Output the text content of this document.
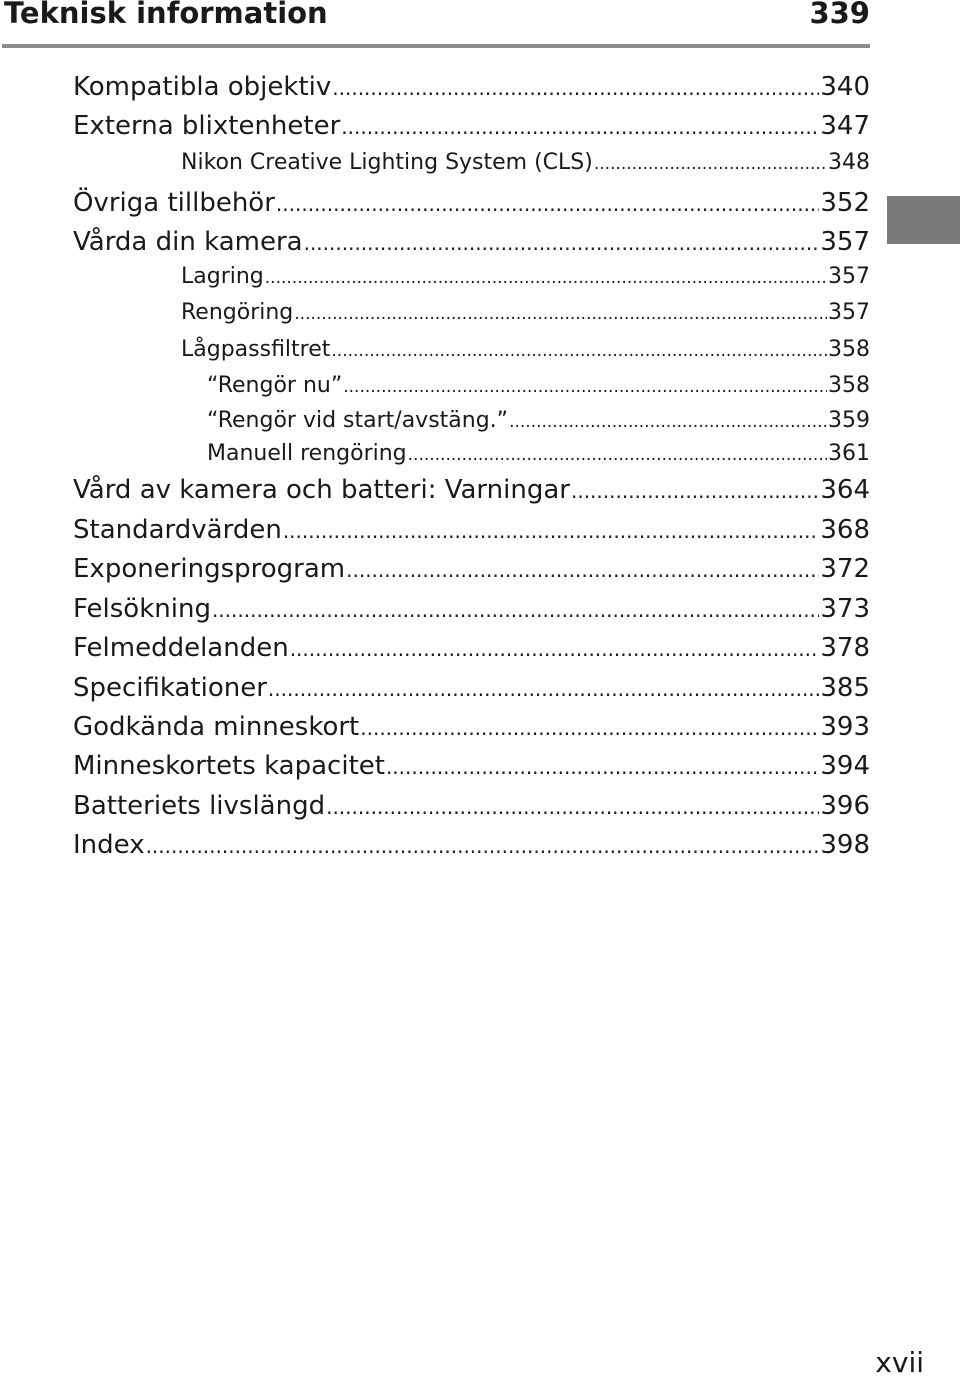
Teknisk information	339
Kompatibla objektiv .....	340
Externa blixtenheter .....	347
Nikon Creative Lighting System (CLS) .....	348
Övriga tillbehör .....	352
Vårda din kamera .....	357
Lagring .....	357
Rengöring .....	357
Lågpassfiltret .....	358
“Rengör nu” .....	358
“Rengör vid start/avstäng.” .....	359
Manuell rengöring .....	361
Vård av kamera och batteri: Varningar .....	364
Standardvärden .....	368
Exponeringsprogram .....	372
Felsökning .....	373
Felmeddelanden .....	378
Specifikationer .....	385
Godkända minneskort .....	393
Minneskortets kapacitet .....	394
Batteriets livslängd .....	396
Index .....	398
xvii
